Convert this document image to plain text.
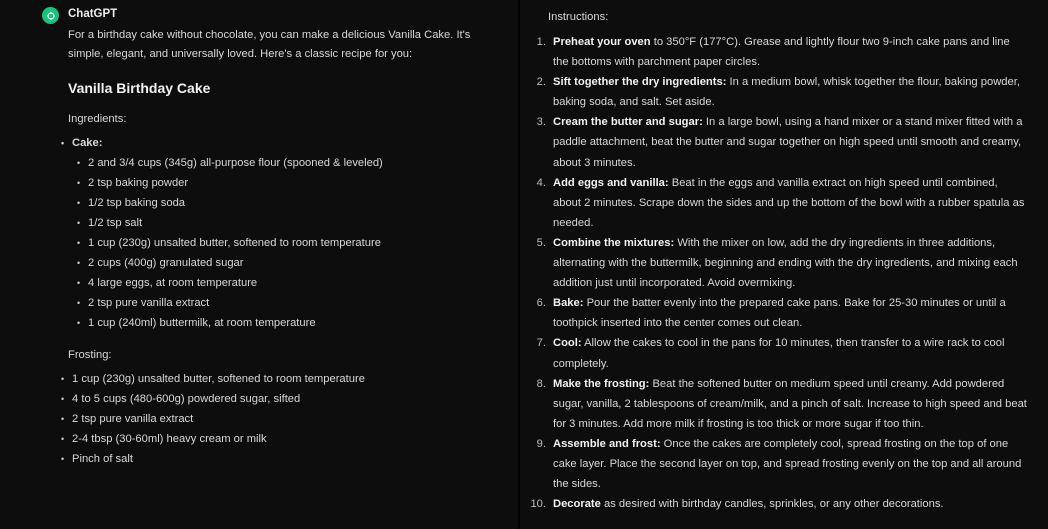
ChatGPT
For a birthday cake without chocolate, you can make a delicious Vanilla Cake. It's simple, elegant, and universally loved. Here's a classic recipe for you:
Vanilla Birthday Cake
Ingredients:
• Cake:
• 2 and 3/4 cups (345g) all-purpose flour (spooned & leveled)
• 2 tsp baking powder
• 1/2 tsp baking soda
• 1/2 tsp salt
• 1 cup (230g) unsalted butter, softened to room temperature
• 2 cups (400g) granulated sugar
• 4 large eggs, at room temperature
• 2 tsp pure vanilla extract
• 1 cup (240ml) buttermilk, at room temperature
Frosting:
• 1 cup (230g) unsalted butter, softened to room temperature
• 4 to 5 cups (480-600g) powdered sugar, sifted
• 2 tsp pure vanilla extract
• 2-4 tbsp (30-60ml) heavy cream or milk
• Pinch of salt
Instructions:
1. Preheat your oven to 350°F (177°C). Grease and lightly flour two 9-inch cake pans and line the bottoms with parchment paper circles.
2. Sift together the dry ingredients: In a medium bowl, whisk together the flour, baking powder, baking soda, and salt. Set aside.
3. Cream the butter and sugar: In a large bowl, using a hand mixer or a stand mixer fitted with a paddle attachment, beat the butter and sugar together on high speed until smooth and creamy, about 3 minutes.
4. Add eggs and vanilla: Beat in the eggs and vanilla extract on high speed until combined, about 2 minutes. Scrape down the sides and up the bottom of the bowl with a rubber spatula as needed.
5. Combine the mixtures: With the mixer on low, add the dry ingredients in three additions, alternating with the buttermilk, beginning and ending with the dry ingredients, and mixing each addition just until incorporated. Avoid overmixing.
6. Bake: Pour the batter evenly into the prepared cake pans. Bake for 25-30 minutes or until a toothpick inserted into the center comes out clean.
7. Cool: Allow the cakes to cool in the pans for 10 minutes, then transfer to a wire rack to cool completely.
8. Make the frosting: Beat the softened butter on medium speed until creamy. Add powdered sugar, vanilla, 2 tablespoons of cream/milk, and a pinch of salt. Increase to high speed and beat for 3 minutes. Add more milk if frosting is too thick or more sugar if too thin.
9. Assemble and frost: Once the cakes are completely cool, spread frosting on the top of one cake layer. Place the second layer on top, and spread frosting evenly on the top and all around the sides.
10. Decorate as desired with birthday candles, sprinkles, or any other decorations.
